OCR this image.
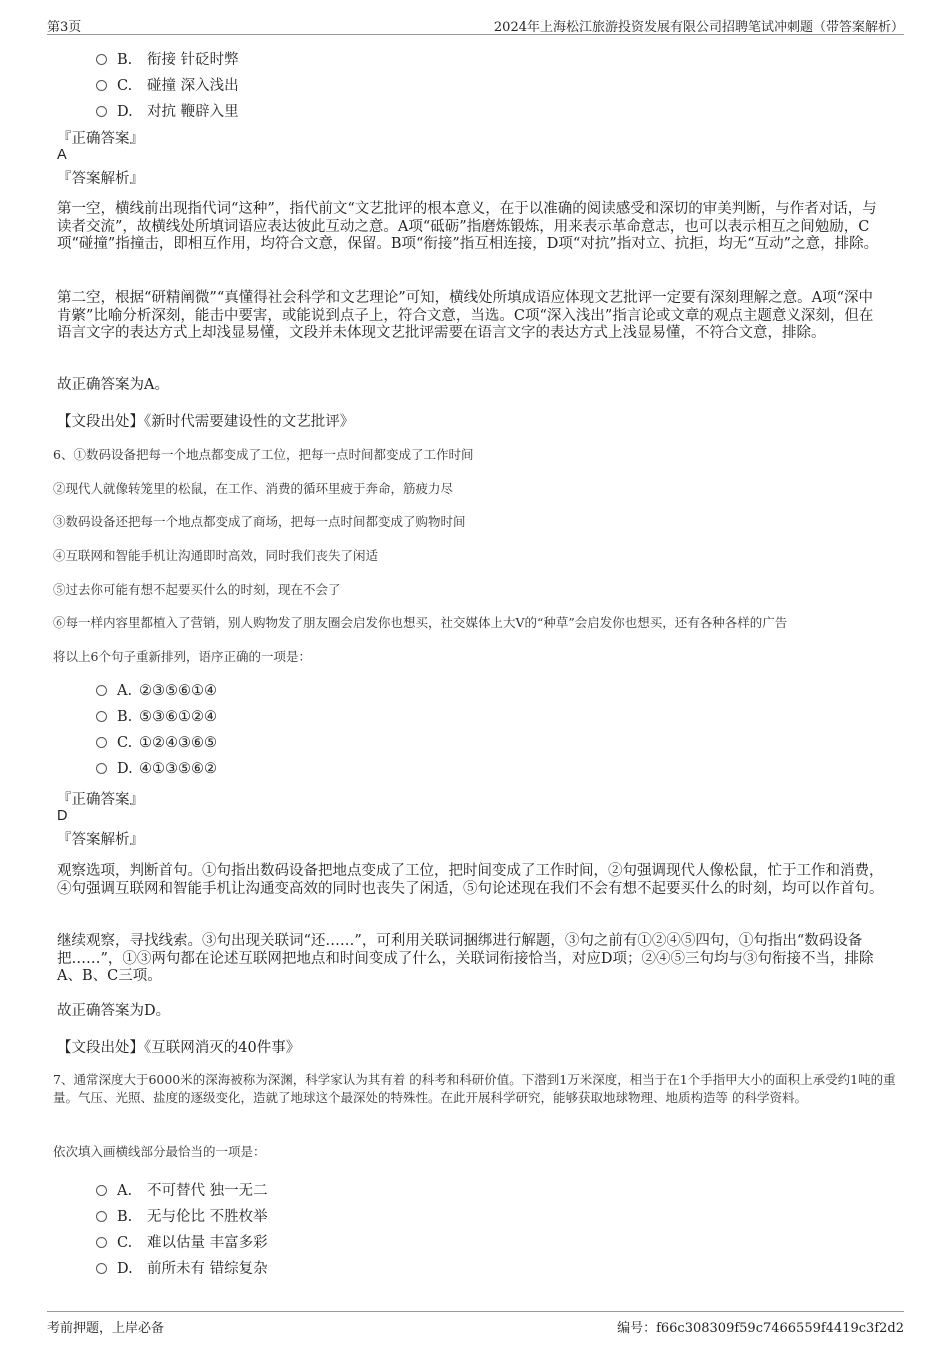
第3页	2024年上海松江旅游投资发展有限公司招聘笔试冲刺题（带答案解析）
B. 衔接 针砭时弊
C. 碰撞 深入浅出
D. 对抗 鞭辟入里
『正确答案』
A
『答案解析』
第一空，横线前出现指代词“这种”，指代前文“文艺批评的根本意义，在于以准确的阅读感受和深切的审美判断，与作者对话，与读者交流”，故横线处所填词语应表达彼此互动之意。A项“砥砺”指磨炼锻炼，用来表示革命意志，也可以表示相互之间勉励，C项“碰撞”指撞击，即相互作用，均符合文意，保留。B项“衔接”指互相连接，D项“对抗”指对立、抗拒，均无“互动”之意，排除。
第二空，根据“研精阐微”“真懂得社会科学和文艺理论”可知，横线处所填成语应体现文艺批评一定要有深刻理解之意。A项“深中肯綮”比喻分析深刻，能击中要害，或能说到点子上，符合文意，当选。C项“深入浅出”指言论或文章的观点主题意义深刻，但在语言文字的表达方式上却浅显易懂，文段并未体现文艺批评需要在语言文字的表达方式上浅显易懂，不符合文意，排除。
故正确答案为A。
【文段出处】《新时代需要建设性的文艺批评》
6、①数码设备把每一个地点都变成了工位，把每一点时间都变成了工作时间
②现代人就像转笼里的松鼠，在工作、消费的循环里疲于奔命，筋疲力尽
③数码设备还把每一个地点都变成了商场，把每一点时间都变成了购物时间
④互联网和智能手机让沟通即时高效，同时我们丧失了闲适
⑤过去你可能有想不起要买什么的时刻，现在不会了
⑥每一样内容里都植入了营销，别人购物发了朋友圈会启发你也想买，社交媒体上大V的“种草”会启发你也想买，还有各种各样的广告
将以上6个句子重新排列，语序正确的一项是：
A. ②③⑤⑥①④
B. ⑤③⑥①②④
C. ①②④③⑥⑤
D. ④①③⑤⑥②
『正确答案』
D
『答案解析』
观察选项，判断首句。①句指出数码设备把地点变成了工位，把时间变成了工作时间，②句强调现代人像松鼠，忙于工作和消费，④句强调互联网和智能手机让沟通变高效的同时也丧失了闲适，⑤句论述现在我们不会有想不起要买什么的时刻，均可以作首句。
继续观察，寻找线索。③句出现关联词“还……”，可利用关联词捆绑进行解题，③句之前有①②④⑤四句，①句指出“数码设备把……”，①③两句都在论述互联网把地点和时间变成了什么，关联词衔接恰当，对应D项；②④⑤三句均与③句衔接不当，排除A、B、C三项。
故正确答案为D。
【文段出处】《互联网消灭的40件事》
7、通常深度大于6000米的深海被称为深渊，科学家认为其有着 的科考和科研价值。下潜到1万米深度，相当于在1个手指甲大小的面积上承受约1吨的重量。气压、光照、盐度的逐级变化，造就了地球这个最深处的特殊性。在此开展科学研究，能够获取地球物理、地质构造等 的科学资料。
依次填入画横线部分最恰当的一项是：
A. 不可替代 独一无二
B. 无与伦比 不胜枚举
C. 难以估量 丰富多彩
D. 前所未有 错综复杂
考前押题，上岸必备	编号：f66c308309f59c7466559f4419c3f2d2
